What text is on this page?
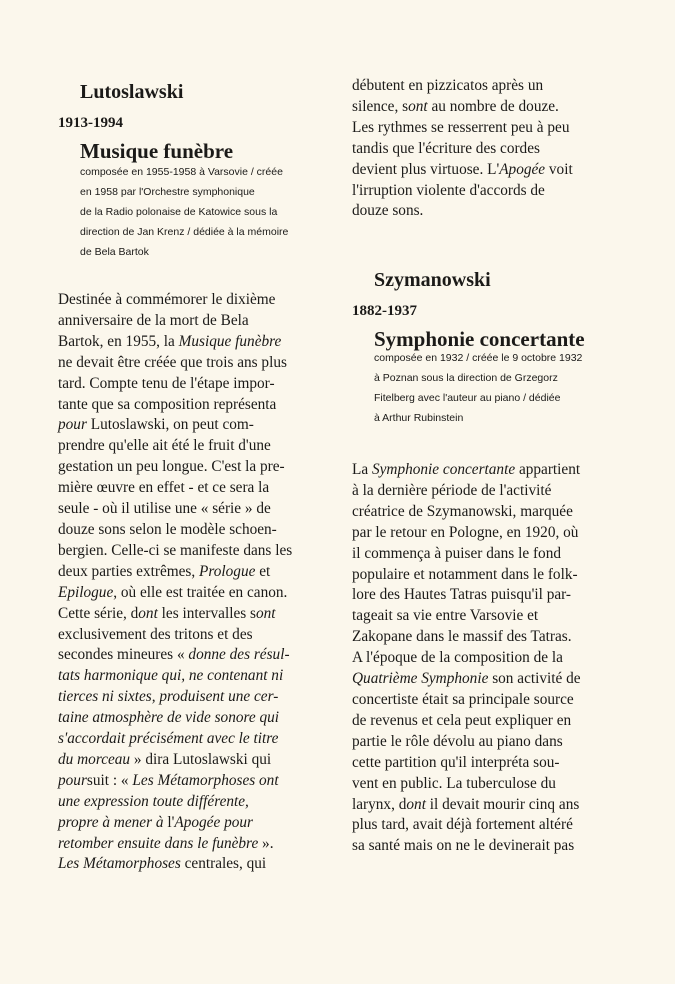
Lutoslawski
1913-1994
Musique funèbre
composée en 1955-1958 à Varsovie / créée
en 1958 par l'Orchestre symphonique
de la Radio polonaise de Katowice sous la
direction de Jan Krenz / dédiée à la mémoire
de Bela Bartok
Destinée à commémorer le dixième
anniversaire de la mort de Bela
Bartok, en 1955, la Musique funèbre
ne devait être créée que trois ans plus
tard. Compte tenu de l'étape impor-
tante que sa composition représenta
pour Lutoslawski, on peut com-
prendre qu'elle ait été le fruit d'une
gestation un peu longue. C'est la pre-
mière œuvre en effet - et ce sera la
seule - où il utilise une « série » de
douze sons selon le modèle schoen-
bergien. Celle-ci se manifeste dans les
deux parties extrêmes, Prologue et
Epilogue, où elle est traitée en canon.
Cette série, dont les intervalles sont
exclusivement des tritons et des
secondes mineures « donne des résul-
tats harmonique qui, ne contenant ni
tierces ni sixtes, produisent une cer-
taine atmosphère de vide sonore qui
s'accordait précisément avec le titre
du morceau » dira Lutoslawski qui
poursuit : « Les Métamorphoses ont
une expression toute différente,
propre à mener à l'Apogée pour
retomber ensuite dans le funèbre ».
Les Métamorphoses centrales, qui
débutent en pizzicatos après un
silence, sont au nombre de douze.
Les rythmes se resserrent peu à peu
tandis que l'écriture des cordes
devient plus virtuose. L'Apogée voit
l'irruption violente d'accords de
douze sons.
Szymanowski
1882-1937
Symphonie concertante
composée en 1932 / créée le 9 octobre 1932
à Poznan sous la direction de Grzegorz
Fitelberg avec l'auteur au piano / dédiée
à Arthur Rubinstein
La Symphonie concertante appartient
à la dernière période de l'activité
créatrice de Szymanowski, marquée
par le retour en Pologne, en 1920, où
il commença à puiser dans le fond
populaire et notamment dans le folk-
lore des Hautes Tatras puisqu'il par-
tageait sa vie entre Varsovie et
Zakopane dans le massif des Tatras.
A l'époque de la composition de la
Quatrième Symphonie son activité de
concertiste était sa principale source
de revenus et cela peut expliquer en
partie le rôle dévolu au piano dans
cette partition qu'il interpréta sou-
vent en public. La tuberculose du
larynx, dont il devait mourir cinq ans
plus tard, avait déjà fortement altéré
sa santé mais on ne le devinerait pas
